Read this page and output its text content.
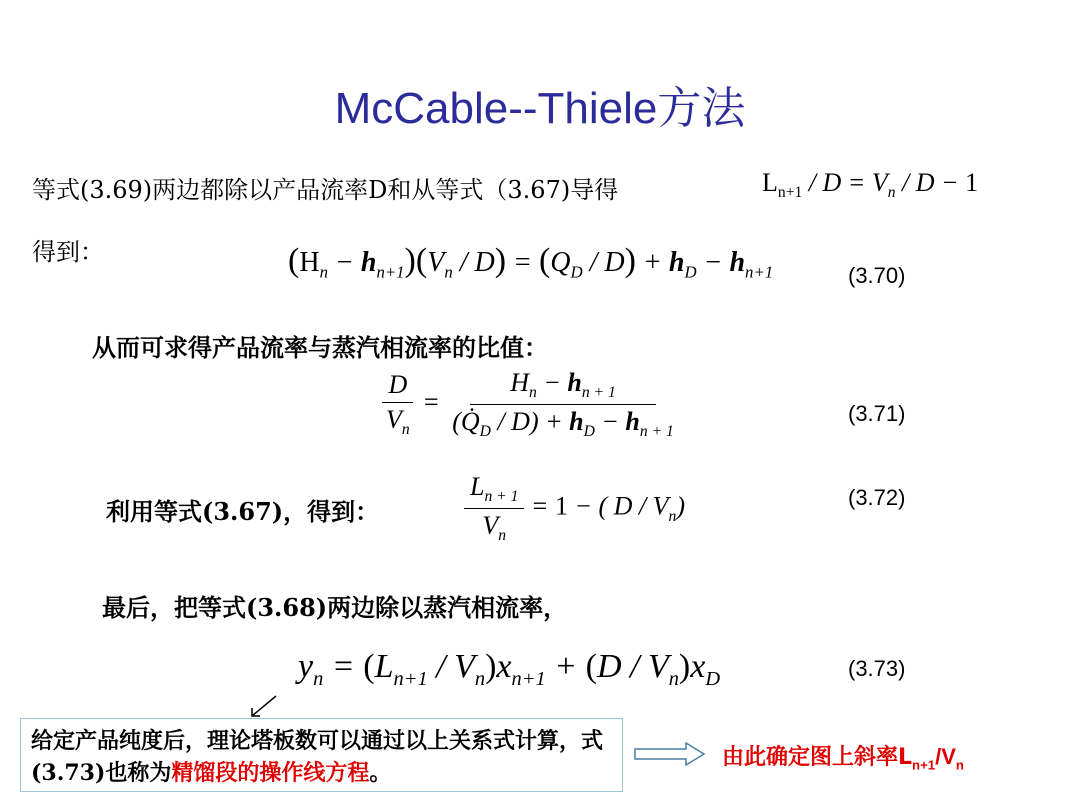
McCable--Thiele方法
等式(3.69)两边都除以产品流率D和从等式（3.67)导得	$L_{n+1} / D = V_n / D - 1$
得到：	$(H_n - h_{n+1})(V_n / D) = (Q_D / D) + h_D - h_{n+1}$	(3.70)
从而可求得产品流率与蒸汽相流率的比值：
$\frac{D}{V_n} = \frac{H_n - h_{n + 1}}{(Q̇_D / D) + h_D - h_{n + 1}}$	(3.71)
利用等式(3.67)，得到：	$\frac{L_{n + 1}}{V_n} = 1$ − ( D / $V_n$)	(3.72)
最后，把等式(3.68)两边除以蒸汽相流率，
$y_n = (L_{n+1} / V_n)x_{n+1} + (D / V_n)x_D$	(3.73)
给定产品纯度后，理论塔板数可以通过以上关系式计算，式(3.73)也称为精馏段的操作线方程。
由此确定图上斜率$L_{n+1}/V_n$
